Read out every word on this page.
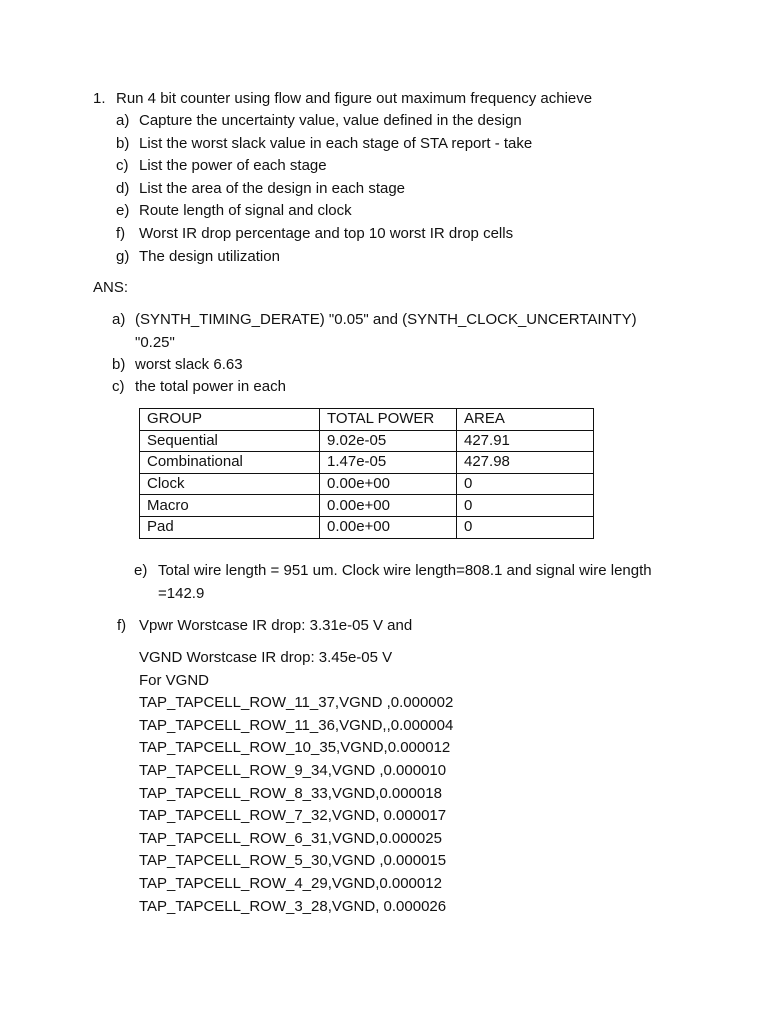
1. Run 4 bit counter using flow and figure out maximum frequency achieve
a) Capture the uncertainty value, value defined in the design
b) List the worst slack value in each stage of STA report - take
c) List the power of each stage
d) List the area of the design in each stage
e) Route length of signal and clock
f) Worst IR drop percentage and top 10 worst IR drop cells
g) The design utilization
ANS:
a) (SYNTH_TIMING_DERATE) "0.05" and (SYNTH_CLOCK_UNCERTAINTY) "0.25"
b) worst slack 6.63
c) the total power in each
GROUP	TOTAL POWER	AREA
Sequential	9.02e-05	427.91
Combinational	1.47e-05	427.98
Clock	0.00e+00	0
Macro	0.00e+00	0
Pad	0.00e+00	0
e) Total wire length = 951 um. Clock wire length=808.1 and signal wire length =142.9
f) Vpwr Worstcase IR drop: 3.31e-05 V and
VGND Worstcase IR drop: 3.45e-05 V
For VGND
TAP_TAPCELL_ROW_11_37,VGND ,0.000002
TAP_TAPCELL_ROW_11_36,VGND,,0.000004
TAP_TAPCELL_ROW_10_35,VGND,0.000012
TAP_TAPCELL_ROW_9_34,VGND ,0.000010
TAP_TAPCELL_ROW_8_33,VGND,0.000018
TAP_TAPCELL_ROW_7_32,VGND, 0.000017
TAP_TAPCELL_ROW_6_31,VGND,0.000025
TAP_TAPCELL_ROW_5_30,VGND ,0.000015
TAP_TAPCELL_ROW_4_29,VGND,0.000012
TAP_TAPCELL_ROW_3_28,VGND, 0.000026
